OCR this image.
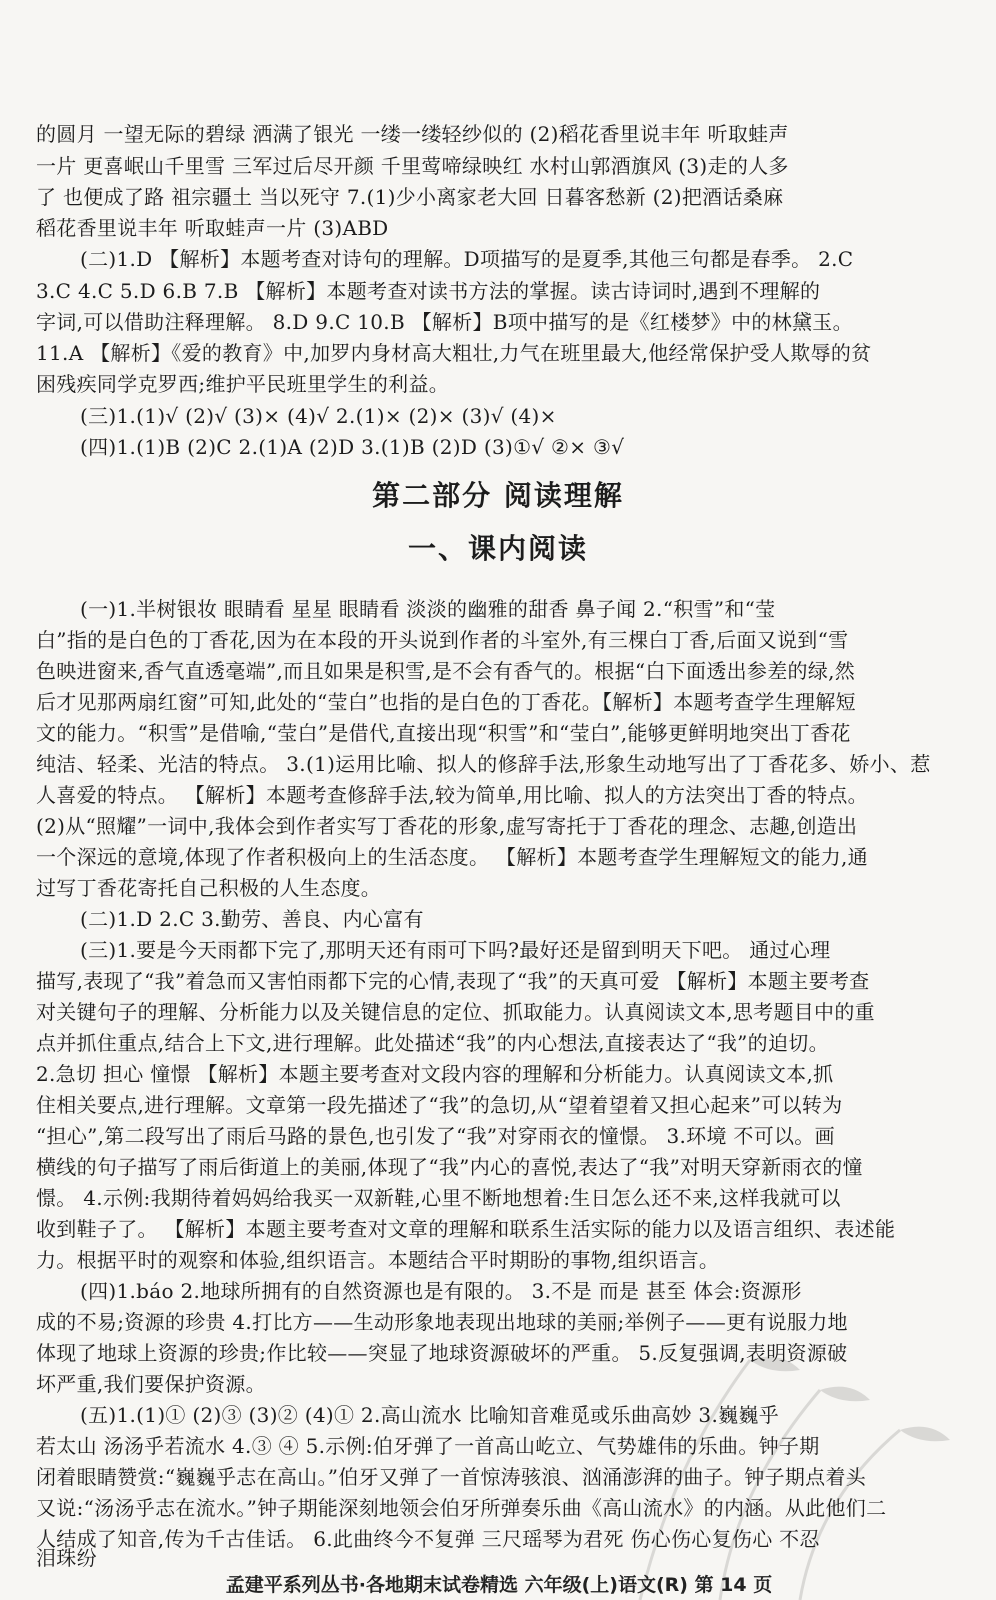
的圆月 一望无际的碧绿 洒满了银光 一缕一缕轻纱似的 (2)稻花香里说丰年 听取蛙声
一片 更喜岷山千里雪 三军过后尽开颜 千里莺啼绿映红 水村山郭酒旗风 (3)走的人多
了 也便成了路 祖宗疆土 当以死守 7.(1)少小离家老大回 日暮客愁新 (2)把酒话桑麻
稻花香里说丰年 听取蛙声一片 (3)ABD
(二)1.D 【解析】本题考查对诗句的理解。D项描写的是夏季,其他三句都是春季。 2.C
3.C 4.C 5.D 6.B 7.B 【解析】本题考查对读书方法的掌握。读古诗词时,遇到不理解的
字词,可以借助注释理解。 8.D 9.C 10.B 【解析】B项中描写的是《红楼梦》中的林黛玉。
11.A 【解析】《爱的教育》中,加罗内身材高大粗壮,力气在班里最大,他经常保护受人欺辱的贫
困残疾同学克罗西;维护平民班里学生的利益。
(三)1.(1)√ (2)√ (3)× (4)√ 2.(1)× (2)× (3)√ (4)×
(四)1.(1)B (2)C 2.(1)A (2)D 3.(1)B (2)D (3)①√ ②× ③√
第二部分 阅读理解
一、课内阅读
(一)1.半树银妆 眼睛看 星星 眼睛看 淡淡的幽雅的甜香 鼻子闻 2.“积雪”和“莹
白”指的是白色的丁香花,因为在本段的开头说到作者的斗室外,有三棵白丁香,后面又说到“雪
色映进窗来,香气直透毫端”,而且如果是积雪,是不会有香气的。根据“白下面透出参差的绿,然
后才见那两扇红窗”可知,此处的“莹白”也指的是白色的丁香花。【解析】本题考查学生理解短
文的能力。“积雪”是借喻,“莹白”是借代,直接出现“积雪”和“莹白”,能够更鲜明地突出丁香花
纯洁、轻柔、光洁的特点。 3.(1)运用比喻、拟人的修辞手法,形象生动地写出了丁香花多、娇小、惹
人喜爱的特点。 【解析】本题考查修辞手法,较为简单,用比喻、拟人的方法突出丁香的特点。
(2)从“照耀”一词中,我体会到作者实写丁香花的形象,虚写寄托于丁香花的理念、志趣,创造出
一个深远的意境,体现了作者积极向上的生活态度。 【解析】本题考查学生理解短文的能力,通
过写丁香花寄托自己积极的人生态度。
(二)1.D 2.C 3.勤劳、善良、内心富有
(三)1.要是今天雨都下完了,那明天还有雨可下吗?最好还是留到明天下吧。 通过心理
描写,表现了“我”着急而又害怕雨都下完的心情,表现了“我”的天真可爱 【解析】本题主要考查
对关键句子的理解、分析能力以及关键信息的定位、抓取能力。认真阅读文本,思考题目中的重
点并抓住重点,结合上下文,进行理解。此处描述“我”的内心想法,直接表达了“我”的迫切。
2.急切 担心 憧憬 【解析】本题主要考查对文段内容的理解和分析能力。认真阅读文本,抓
住相关要点,进行理解。文章第一段先描述了“我”的急切,从“望着望着又担心起来”可以转为
“担心”,第二段写出了雨后马路的景色,也引发了“我”对穿雨衣的憧憬。 3.环境 不可以。画
横线的句子描写了雨后街道上的美丽,体现了“我”内心的喜悦,表达了“我”对明天穿新雨衣的憧
憬。 4.示例:我期待着妈妈给我买一双新鞋,心里不断地想着:生日怎么还不来,这样我就可以
收到鞋子了。 【解析】本题主要考查对文章的理解和联系生活实际的能力以及语言组织、表述能
力。根据平时的观察和体验,组织语言。本题结合平时期盼的事物,组织语言。
(四)1.báo 2.地球所拥有的自然资源也是有限的。 3.不是 而是 甚至 体会:资源形
成的不易;资源的珍贵 4.打比方——生动形象地表现出地球的美丽;举例子——更有说服力地
体现了地球上资源的珍贵;作比较——突显了地球资源破坏的严重。 5.反复强调,表明资源破
坏严重,我们要保护资源。
(五)1.(1)① (2)③ (3)② (4)① 2.高山流水 比喻知音难觅或乐曲高妙 3.巍巍乎
若太山 汤汤乎若流水 4.③ ④ 5.示例:伯牙弹了一首高山屹立、气势雄伟的乐曲。钟子期
闭着眼睛赞赏:“巍巍乎志在高山。”伯牙又弹了一首惊涛骇浪、汹涌澎湃的曲子。钟子期点着头
又说:“汤汤乎志在流水。”钟子期能深刻地领会伯牙所弹奏乐曲《高山流水》的内涵。从此他们二
人结成了知音,传为千古佳话。 6.此曲终今不复弹 三尺瑶琴为君死 伤心伤心复伤心 不忍
泪珠纷
孟建平系列丛书·各地期末试卷精选 六年级(上)语文(R) 第 14 页
